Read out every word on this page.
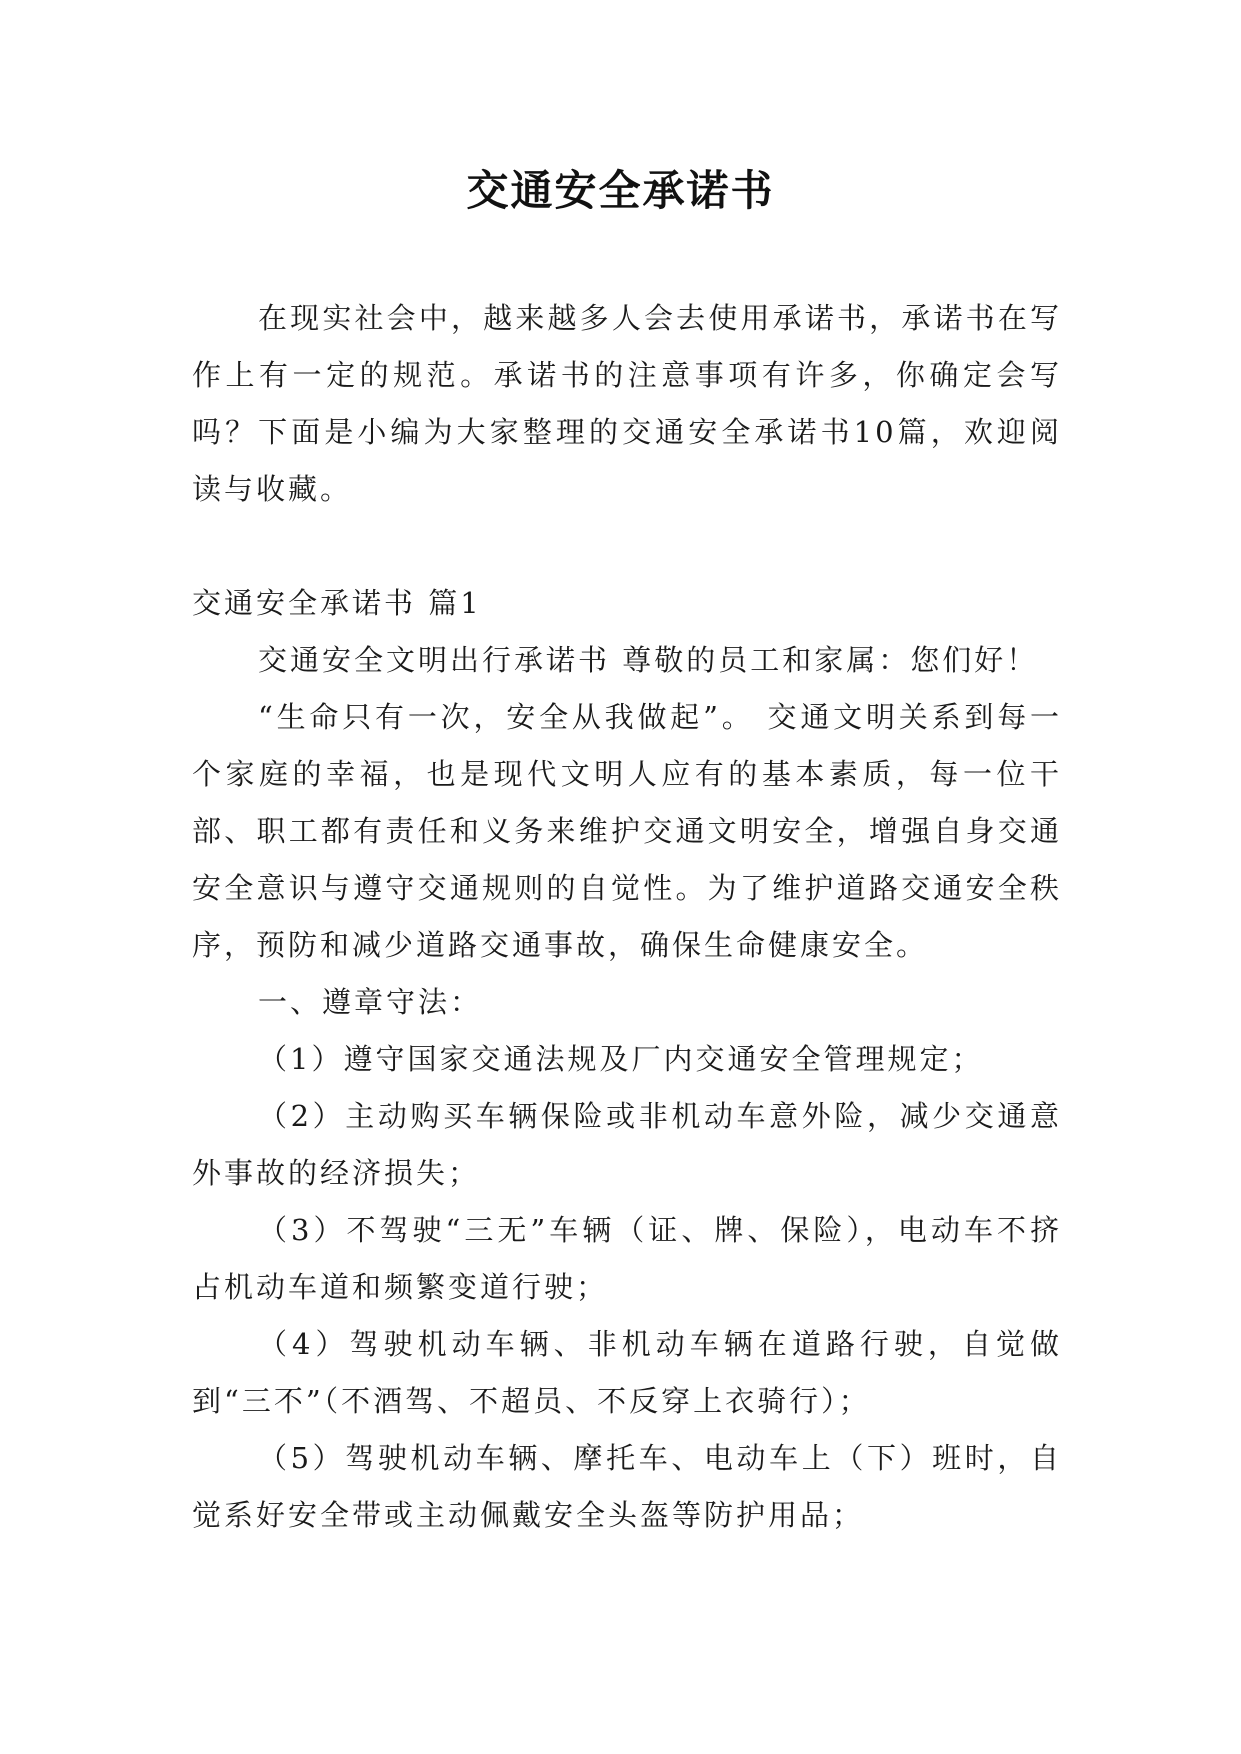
交通安全承诺书

在现实社会中，越来越多人会去使用承诺书，承诺书在写作上有一定的规范。承诺书的注意事项有许多，你确定会写吗？下面是小编为大家整理的交通安全承诺书10篇，欢迎阅读与收藏。

交通安全承诺书 篇1

交通安全文明出行承诺书 尊敬的员工和家属：您们好！

“生命只有一次，安全从我做起”。 交通文明关系到每一个家庭的幸福，也是现代文明人应有的基本素质，每一位干部、职工都有责任和义务来维护交通文明安全，增强自身交通安全意识与遵守交通规则的自觉性。为了维护道路交通安全秩序，预防和减少道路交通事故，确保生命健康安全。

一、遵章守法：

（1）遵守国家交通法规及厂内交通安全管理规定；

（2）主动购买车辆保险或非机动车意外险，减少交通意外事故的经济损失；

（3）不驾驶“三无”车辆（证、牌、保险），电动车不挤占机动车道和频繁变道行驶；

（4）驾驶机动车辆、非机动车辆在道路行驶，自觉做到“三不”（不酒驾、不超员、不反穿上衣骑行）；

（5）驾驶机动车辆、摩托车、电动车上（下）班时，自觉系好安全带或主动佩戴安全头盔等防护用品；
